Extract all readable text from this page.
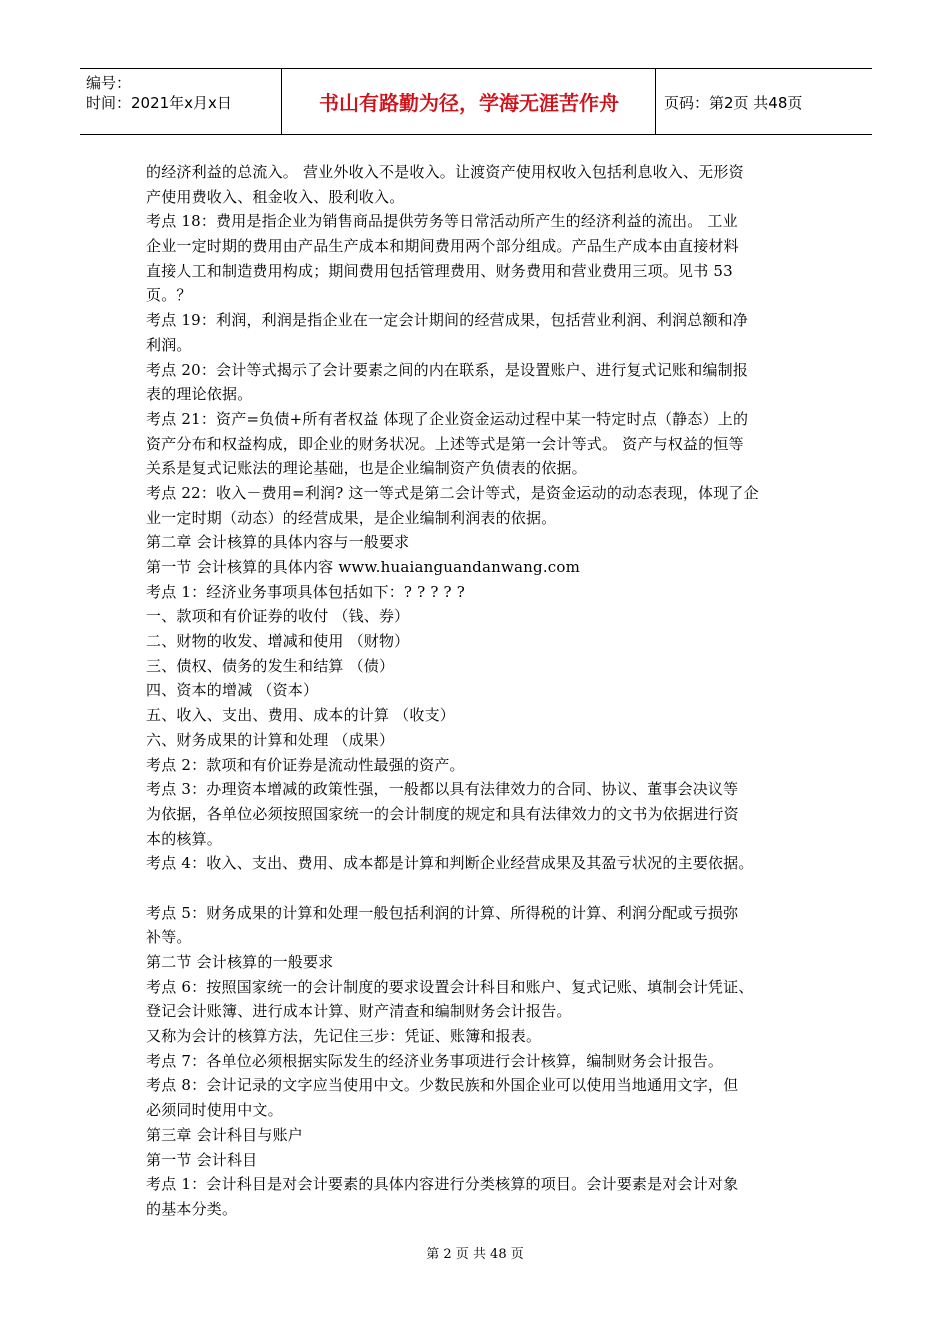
编号：
时间：2021年x月x日	书山有路勤为径，学海无涯苦作舟	页码：第2页 共48页
的经济利益的总流入。 营业外收入不是收入。让渡资产使用权收入包括利息收入、无形资
产使用费收入、租金收入、股利收入。
考点 18：费用是指企业为销售商品提供劳务等日常活动所产生的经济利益的流出。 工业
企业一定时期的费用由产品生产成本和期间费用两个部分组成。产品生产成本由直接材料
直接人工和制造费用构成；期间费用包括管理费用、财务费用和营业费用三项。见书 53
页。？
考点 19：利润，利润是指企业在一定会计期间的经营成果，包括营业利润、利润总额和净
利润。
考点 20：会计等式揭示了会计要素之间的内在联系，是设置账户、进行复式记账和编制报
表的理论依据。
考点 21：资产=负债+所有者权益 体现了企业资金运动过程中某一特定时点（静态）上的
资产分布和权益构成，即企业的财务状况。上述等式是第一会计等式。 资产与权益的恒等
关系是复式记账法的理论基础，也是企业编制资产负债表的依据。
考点 22：收入－费用=利润? 这一等式是第二会计等式，是资金运动的动态表现，体现了企
业一定时期（动态）的经营成果，是企业编制利润表的依据。
第二章 会计核算的具体内容与一般要求
第一节 会计核算的具体内容 www.huaianguandanwang.com
考点 1：经济业务事项具体包括如下：? ? ? ? ?
一、款项和有价证券的收付 （钱、券）
二、财物的收发、增减和使用 （财物）
三、债权、债务的发生和结算 （债）
四、资本的增减 （资本）
五、收入、支出、费用、成本的计算 （收支）
六、财务成果的计算和处理 （成果）
考点 2：款项和有价证券是流动性最强的资产。
考点 3：办理资本增减的政策性强，一般都以具有法律效力的合同、协议、董事会决议等
为依据，各单位必须按照国家统一的会计制度的规定和具有法律效力的文书为依据进行资
本的核算。
考点 4：收入、支出、费用、成本都是计算和判断企业经营成果及其盈亏状况的主要依据。
考点 5：财务成果的计算和处理一般包括利润的计算、所得税的计算、利润分配或亏损弥
补等。
第二节 会计核算的一般要求
考点 6：按照国家统一的会计制度的要求设置会计科目和账户、复式记账、填制会计凭证、
登记会计账簿、进行成本计算、财产清查和编制财务会计报告。
又称为会计的核算方法，先记住三步：凭证、账簿和报表。
考点 7：各单位必须根据实际发生的经济业务事项进行会计核算，编制财务会计报告。
考点 8：会计记录的文字应当使用中文。少数民族和外国企业可以使用当地通用文字，但
必须同时使用中文。
第三章 会计科目与账户
第一节 会计科目
考点 1：会计科目是对会计要素的具体内容进行分类核算的项目。会计要素是对会计对象
的基本分类。
第 2 页 共 48 页
